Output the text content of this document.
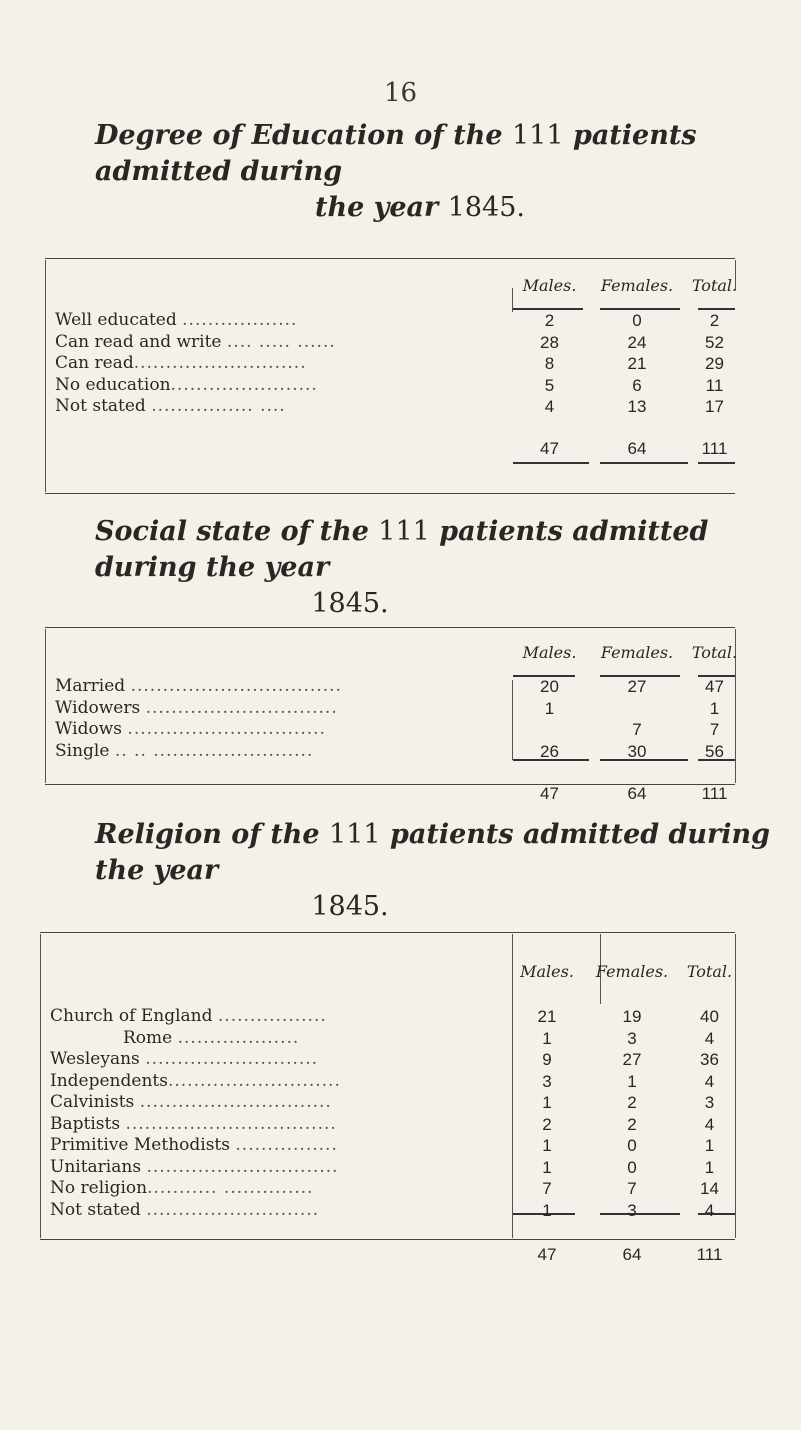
16
Degree of Education of the 111 patients admitted during
the year 1845.
	Males.	Females.	Total.
Well educated ..................	2	0	2
Can read and write .... ..... ......	28	24	52
Can read...........................	8	21	29
No education.......................	5	6	11
Not stated ................ ....	4	13	17
	47	64	111
Social state of the 111 patients admitted during the year
1845.
	Males.	Females.	Total.
Married .................................	20	27	47
Widowers ..............................	1		1
Widows ...............................		7	7
Single .. .. .........................	26	30	56
	47	64	111
Religion of the 111 patients admitted during the year
1845.
	Males.	Females.	Total.
Church of England .................	21	19	40
Rome ...................	1	3	4
Wesleyans ...........................	9	27	36
Independents...........................	3	1	4
Calvinists ..............................	1	2	3
Baptists .................................	2	2	4
Primitive Methodists ................	1	0	1
Unitarians ..............................	1	0	1
No religion........... ..............	7	7	14
Not stated ...........................	1	3	4
	47	64	111
